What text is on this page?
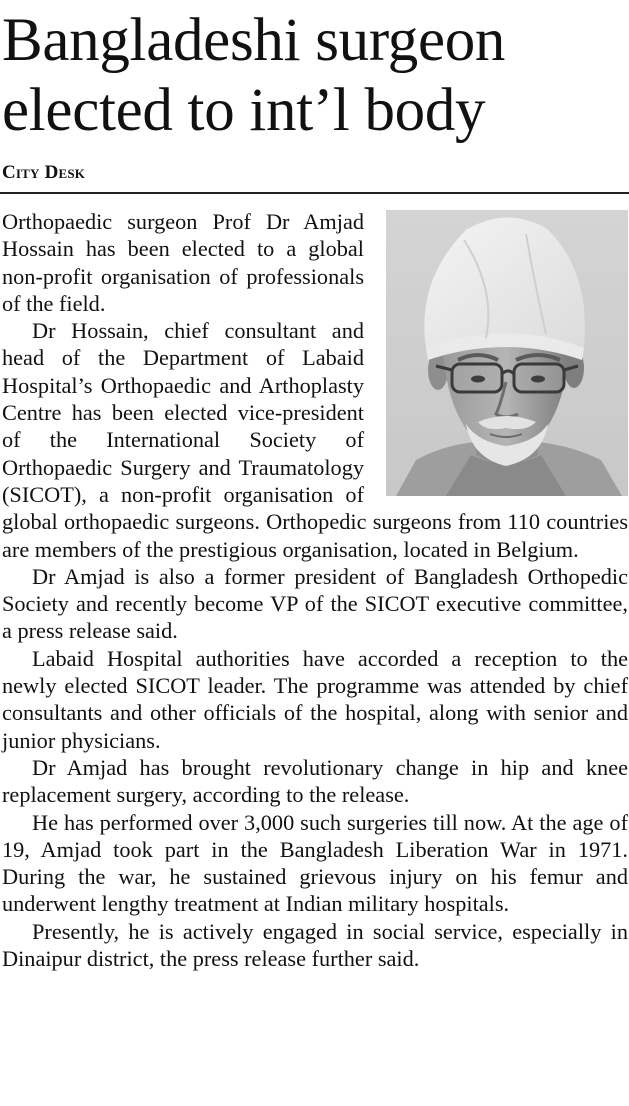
Bangladeshi surgeon
elected to int’l body
City Desk

Orthopaedic surgeon Prof Dr Amjad Hossain has been elected to a global non-profit organisation of professionals of the field.

Dr Hossain, chief consultant and head of the Department of Labaid Hospital’s Orthopaedic and Arthoplasty Centre has been elected vice-president of the International Society of Orthopaedic Surgery and Traumatology (SICOT), a non-profit organisation of global orthopaedic surgeons. Orthopedic surgeons from 110 countries are members of the prestigious organisation, located in Belgium.

Dr Amjad is also a former president of Bangladesh Orthopedic Society and recently become VP of the SICOT executive committee, a press release said.

Labaid Hospital authorities have accorded a reception to the newly elected SICOT leader. The programme was attended by chief consultants and other officials of the hospital, along with senior and junior physicians.

Dr Amjad has brought revolutionary change in hip and knee replacement surgery, according to the release.

He has performed over 3,000 such surgeries till now. At the age of 19, Amjad took part in the Bangladesh Liberation War in 1971. During the war, he sustained grievous injury on his femur and underwent lengthy treatment at Indian military hospitals.

Presently, he is actively engaged in social service, especially in Dinaipur district, the press release further said.
